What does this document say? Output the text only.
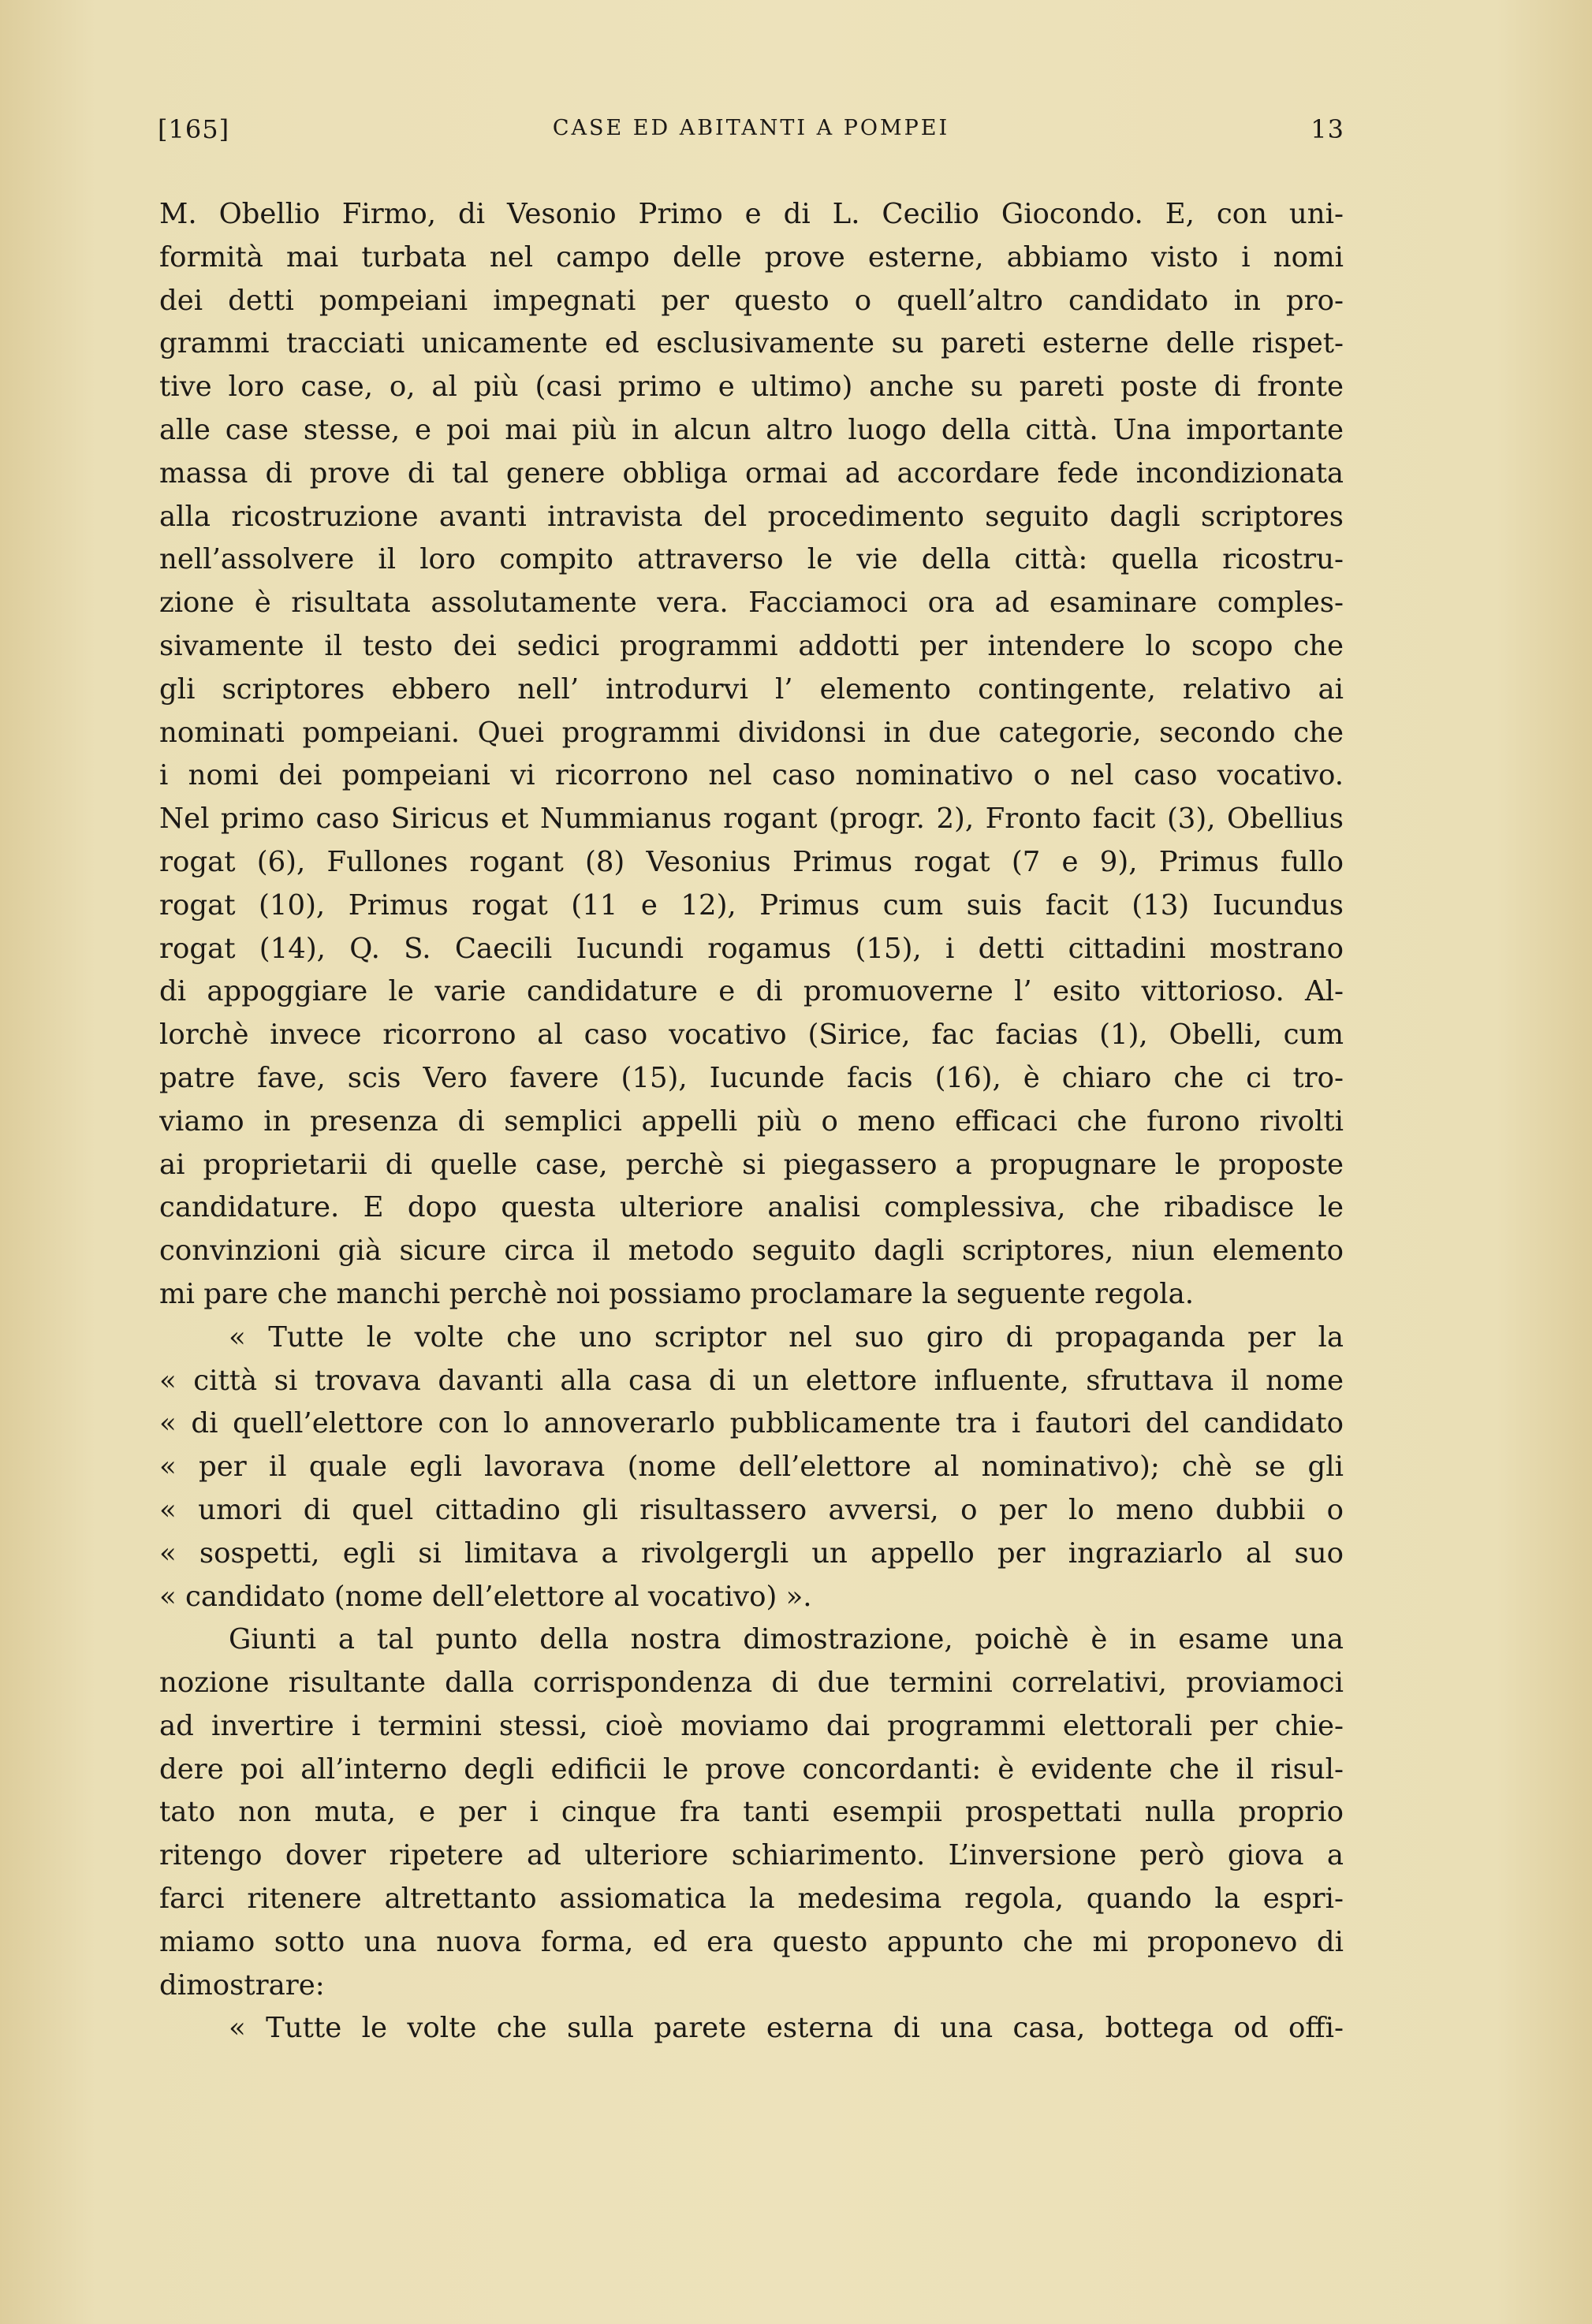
[165]	CASE ED ABITANTI A POMPEI	13
M. Obellio Firmo, di Vesonio Primo e di L. Cecilio Giocondo. E, con uni-
formità mai turbata nel campo delle prove esterne, abbiamo visto i nomi
dei detti pompeiani impegnati per questo o quell’altro candidato in pro-
grammi tracciati unicamente ed esclusivamente su pareti esterne delle rispet-
tive loro case, o, al più (casi primo e ultimo) anche su pareti poste di fronte
alle case stesse, e poi mai più in alcun altro luogo della città. Una importante
massa di prove di tal genere obbliga ormai ad accordare fede incondizionata
alla ricostruzione avanti intravista del procedimento seguito dagli scriptores
nell’assolvere il loro compito attraverso le vie della città: quella ricostru-
zione è risultata assolutamente vera. Facciamoci ora ad esaminare comples-
sivamente il testo dei sedici programmi addotti per intendere lo scopo che
gli scriptores ebbero nell’ introdurvi l’ elemento contingente, relativo ai
nominati pompeiani. Quei programmi dividonsi in due categorie, secondo che
i nomi dei pompeiani vi ricorrono nel caso nominativo o nel caso vocativo.
Nel primo caso Siricus et Nummianus rogant (progr. 2), Fronto facit (3), Obellius
rogat (6), Fullones rogant (8) Vesonius Primus rogat (7 e 9), Primus fullo
rogat (10), Primus rogat (11 e 12), Primus cum suis facit (13) Iucundus
rogat (14), Q. S. Caecili Iucundi rogamus (15), i detti cittadini mostrano
di appoggiare le varie candidature e di promuoverne l’ esito vittorioso. Al-
lorchè invece ricorrono al caso vocativo (Sirice, fac facias (1), Obelli, cum
patre fave, scis Vero favere (15), Iucunde facis (16), è chiaro che ci tro-
viamo in presenza di semplici appelli più o meno efficaci che furono rivolti
ai proprietarii di quelle case, perchè si piegassero a propugnare le proposte
candidature. E dopo questa ulteriore analisi complessiva, che ribadisce le
convinzioni già sicure circa il metodo seguito dagli scriptores, niun elemento
mi pare che manchi perchè noi possiamo proclamare la seguente regola.
« Tutte le volte che uno scriptor nel suo giro di propaganda per la
« città si trovava davanti alla casa di un elettore influente, sfruttava il nome
« di quell’elettore con lo annoverarlo pubblicamente tra i fautori del candidato
« per il quale egli lavorava (nome dell’elettore al nominativo); chè se gli
« umori di quel cittadino gli risultassero avversi, o per lo meno dubbii o
« sospetti, egli si limitava a rivolgergli un appello per ingraziarlo al suo
« candidato (nome dell’elettore al vocativo) ».
Giunti a tal punto della nostra dimostrazione, poichè è in esame una
nozione risultante dalla corrispondenza di due termini correlativi, proviamoci
ad invertire i termini stessi, cioè moviamo dai programmi elettorali per chie-
dere poi all’interno degli edificii le prove concordanti: è evidente che il risul-
tato non muta, e per i cinque fra tanti esempii prospettati nulla proprio
ritengo dover ripetere ad ulteriore schiarimento. L’inversione però giova a
farci ritenere altrettanto assiomatica la medesima regola, quando la espri-
miamo sotto una nuova forma, ed era questo appunto che mi proponevo di
dimostrare:
« Tutte le volte che sulla parete esterna di una casa, bottega od offi-
